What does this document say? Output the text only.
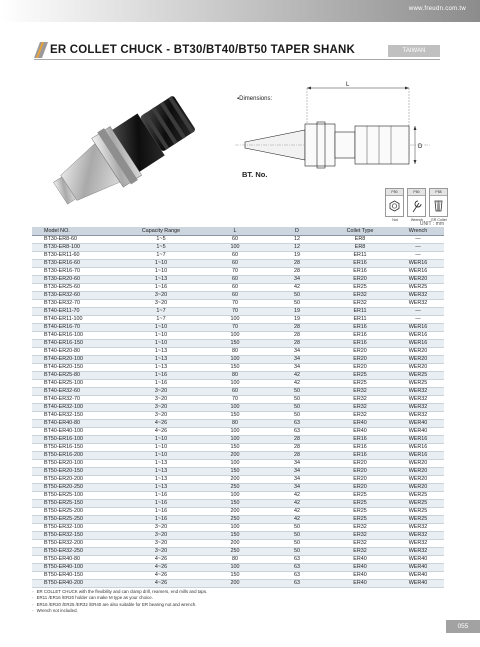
www.freudn.com.tw
ER COLLET CHUCK - BT30/BT40/BT50 TAPER SHANK	TAIWAN
▪Dimensions:
L
D
BT. No.
P50	P60	P58
Nut	Wrench	ER Collet
UNIT : mm
Model NO.	Capacity Range	L	D	Collet Type	Wrench
BT30-ER8-60	1~5	60	12	ER8	—
BT30-ER8-100	1~5	100	12	ER8	—
BT30-ER11-60	1~7	60	19	ER11	—
BT30-ER16-60	1~10	60	28	ER16	WER16
BT30-ER16-70	1~10	70	28	ER16	WER16
BT30-ER20-60	1~13	60	34	ER20	WER20
BT30-ER25-60	1~16	60	42	ER25	WER25
BT30-ER32-60	3~20	60	50	ER32	WER32
BT30-ER32-70	3~20	70	50	ER32	WER32
BT40-ER11-70	1~7	70	19	ER11	—
BT40-ER11-100	1~7	100	19	ER11	—
BT40-ER16-70	1~10	70	28	ER16	WER16
BT40-ER16-100	1~10	100	28	ER16	WER16
BT40-ER16-150	1~10	150	28	ER16	WER16
BT40-ER20-80	1~13	80	34	ER20	WER20
BT40-ER20-100	1~13	100	34	ER20	WER20
BT40-ER20-150	1~13	150	34	ER20	WER20
BT40-ER25-80	1~16	80	42	ER25	WER25
BT40-ER25-100	1~16	100	42	ER25	WER25
BT40-ER32-60	3~20	60	50	ER32	WER32
BT40-ER32-70	3~20	70	50	ER32	WER32
BT40-ER32-100	3~20	100	50	ER32	WER32
BT40-ER32-150	3~20	150	50	ER32	WER32
BT40-ER40-80	4~26	80	63	ER40	WER40
BT40-ER40-100	4~26	100	63	ER40	WER40
BT50-ER16-100	1~10	100	28	ER16	WER16
BT50-ER16-150	1~10	150	28	ER16	WER16
BT50-ER16-200	1~10	200	28	ER16	WER16
BT50-ER20-100	1~13	100	34	ER20	WER20
BT50-ER20-150	1~13	150	34	ER20	WER20
BT50-ER20-200	1~13	200	34	ER20	WER20
BT50-ER20-250	1~13	250	34	ER20	WER20
BT50-ER25-100	1~16	100	42	ER25	WER25
BT50-ER25-150	1~16	150	42	ER25	WER25
BT50-ER25-200	1~16	200	42	ER25	WER25
BT50-ER25-250	1~16	250	42	ER25	WER25
BT50-ER32-100	3~20	100	50	ER32	WER32
BT50-ER32-150	3~20	150	50	ER32	WER32
BT50-ER32-200	3~20	200	50	ER32	WER32
BT50-ER32-250	3~20	250	50	ER32	WER32
BT50-ER40-80	4~26	80	63	ER40	WER40
BT50-ER40-100	4~26	100	63	ER40	WER40
BT50-ER40-150	4~26	150	63	ER40	WER40
BT50-ER40-200	4~26	200	63	ER40	WER40
◦ ER COLLET CHUCK with the flexibility and can clamp drill, reamers, end mills and taps.
◦ ER11 /ER16 /ER20 holder can make M type as your choice.
◦ ER16 /ER20 /ER25 /ER32 /ER40 are also suitable for ER bearing nut and wrench.
◦ Wrench not included.
055
